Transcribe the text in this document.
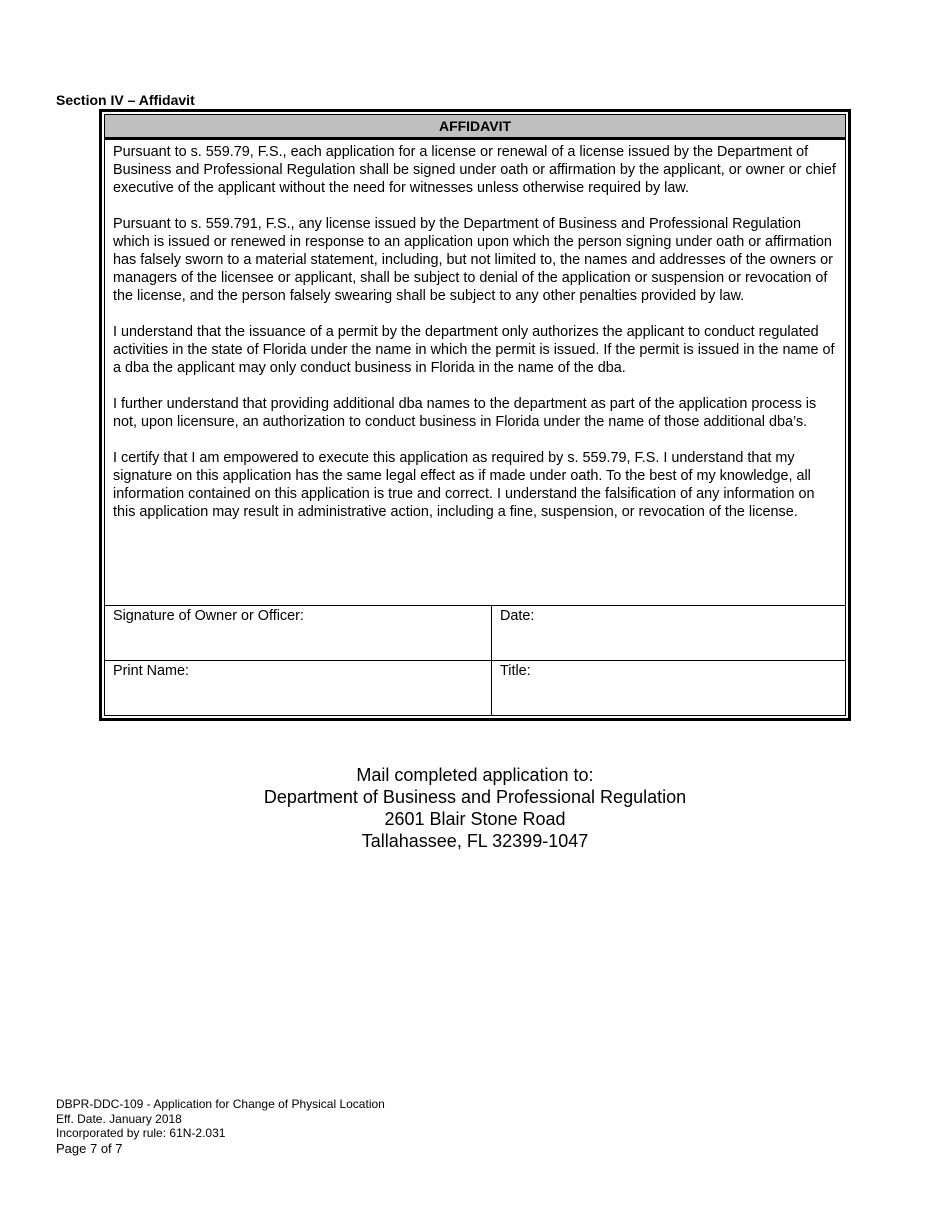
Section IV – Affidavit
AFFIDAVIT

Pursuant to s. 559.79, F.S., each application for a license or renewal of a license issued by the Department of Business and Professional Regulation shall be signed under oath or affirmation by the applicant, or owner or chief executive of the applicant without the need for witnesses unless otherwise required by law.

Pursuant to s. 559.791, F.S., any license issued by the Department of Business and Professional Regulation which is issued or renewed in response to an application upon which the person signing under oath or affirmation has falsely sworn to a material statement, including, but not limited to, the names and addresses of the owners or managers of the licensee or applicant, shall be subject to denial of the application or suspension or revocation of the license, and the person falsely swearing shall be subject to any other penalties provided by law.

I understand that the issuance of a permit by the department only authorizes the applicant to conduct regulated activities in the state of Florida under the name in which the permit is issued. If the permit is issued in the name of a dba the applicant may only conduct business in Florida in the name of the dba.

I further understand that providing additional dba names to the department as part of the application process is not, upon licensure, an authorization to conduct business in Florida under the name of those additional dba’s.

I certify that I am empowered to execute this application as required by s. 559.79, F.S. I understand that my signature on this application has the same legal effect as if made under oath. To the best of my knowledge, all information contained on this application is true and correct. I understand the falsification of any information on this application may result in administrative action, including a fine, suspension, or revocation of the license.

Signature of Owner or Officer:	Date:
Print Name:	Title:
Mail completed application to:
Department of Business and Professional Regulation
2601 Blair Stone Road
Tallahassee, FL 32399-1047
DBPR-DDC-109 - Application for Change of Physical Location
Eff. Date. January 2018
Incorporated by rule: 61N-2.031
Page 7 of 7
